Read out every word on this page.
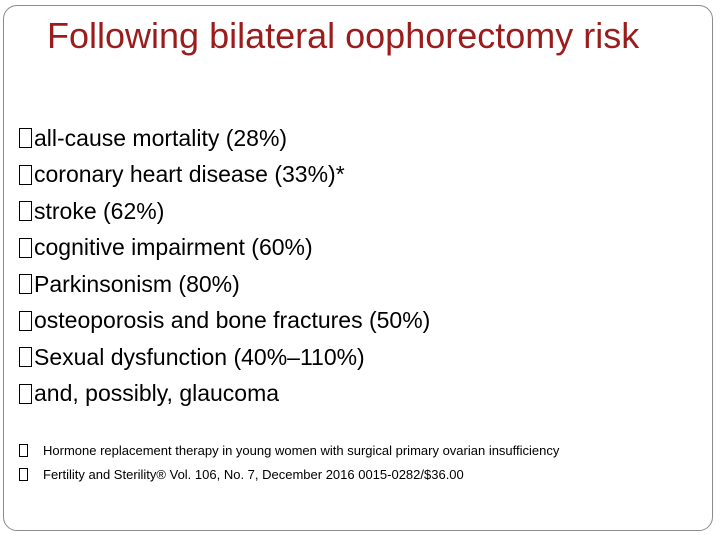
Following bilateral oophorectomy risk
all-cause mortality (28%)
coronary heart disease (33%)*
stroke (62%)
cognitive impairment (60%)
Parkinsonism (80%)
osteoporosis and bone fractures (50%)
Sexual dysfunction (40%–110%)
and, possibly, glaucoma
Hormone replacement therapy in young women with surgical primary ovarian insufficiency
Fertility and Sterility® Vol. 106, No. 7, December 2016 0015-0282/$36.00
